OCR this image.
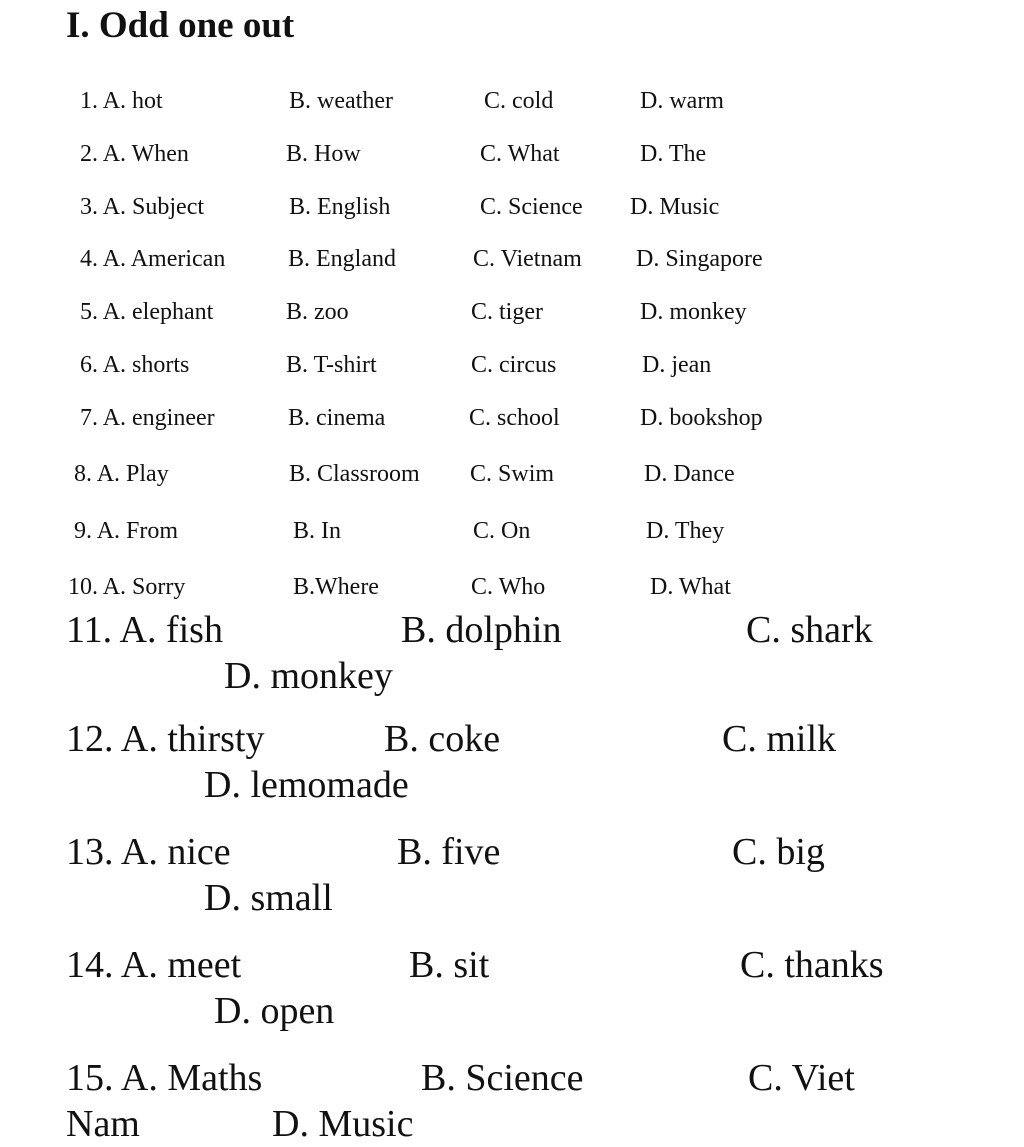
I. Odd one out
1. A. hot	B. weather	C. cold	D. warm
2. A. When	B. How	C. What	D. The
3. A. Subject	B. English	C. Science D. Music
4. A. American	B. England	C. Vietnam D. Singapore
5. A. elephant	B. zoo	C. tiger	D. monkey
6. A. shorts	B. T-shirt	C. circus	D. jean
7. A. engineer	B. cinema	C. school	D. bookshop
8. A. Play	B. Classroom C. Swim	D. Dance
9. A. From	B. In	C. On	D. They
10. A. Sorry	B.Where	C. Who	D. What
11. A. fish	B. dolphin	C. shark
D. monkey
12. A. thirsty	B. coke	C. milk
D. lemomade
13. A. nice	B. five	C. big
D. small
14. A. meet	B. sit	C. thanks
D. open
15. A. Maths	B. Science	C. Viet
Nam	D. Music
